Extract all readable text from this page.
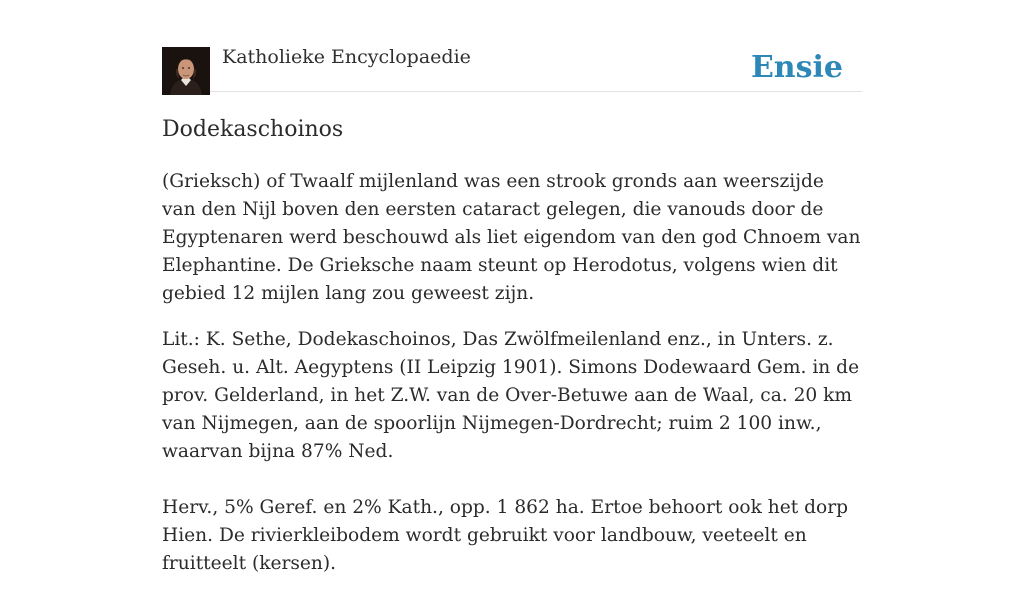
Katholieke Encyclopaedie	Ensie
Dodekaschoinos

(Grieksch) of Twaalf mijlenland was een strook gronds aan weerszijde van den Nijl boven den eersten cataract gelegen, die vanouds door de Egyptenaren werd beschouwd als liet eigendom van den god Chnoem van Elephantine. De Grieksche naam steunt op Herodotus, volgens wien dit gebied 12 mijlen lang zou geweest zijn.

Lit.: K. Sethe, Dodekaschoinos, Das Zwölfmeilenland enz., in Unters. z. Geseh. u. Alt. Aegyptens (II Leipzig 1901). Simons Dodewaard Gem. in de prov. Gelderland, in het Z.W. van de Over-Betuwe aan de Waal, ca. 20 km van Nijmegen, aan de spoorlijn Nijmegen-Dordrecht; ruim 2 100 inw., waarvan bijna 87% Ned.

Herv., 5% Geref. en 2% Kath., opp. 1 862 ha. Ertoe behoort ook het dorp Hien. De rivierkleibodem wordt gebruikt voor landbouw, veeteelt en fruitteelt (kersen).
